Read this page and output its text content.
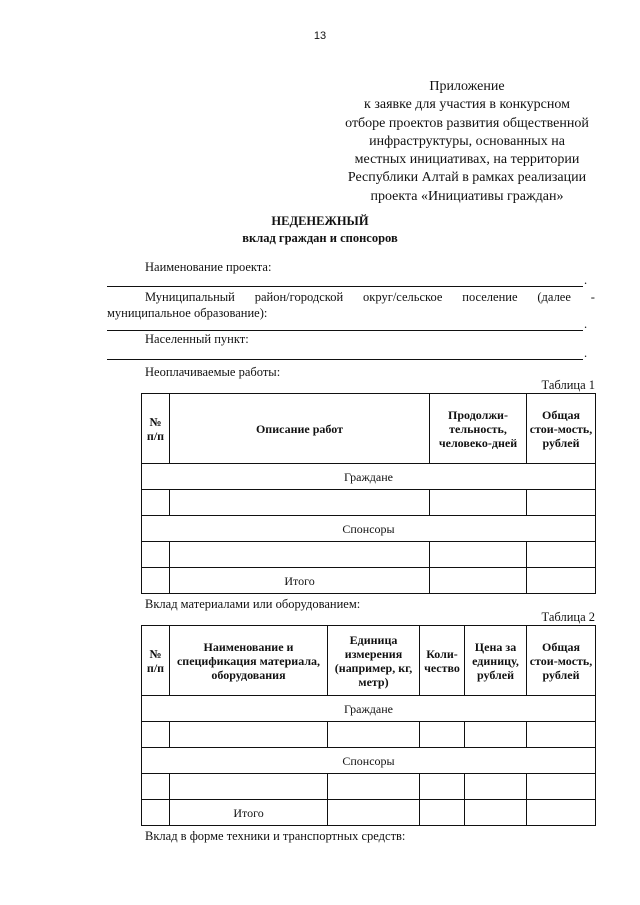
13
Приложение
к заявке для участия в конкурсном
отборе проектов развития общественной
инфраструктуры, основанных на
местных инициативах, на территории
Республики Алтай в рамках реализации
проекта «Инициативы граждан»
НЕДЕНЕЖНЫЙ
вклад граждан и спонсоров
Наименование проекта:
.
Муниципальный район/городской округ/сельское поселение (далее -
муниципальное образование):
.
Населенный пункт:
.
Неоплачиваемые работы:
Таблица 1
№ п/п	Описание работ	Продолжи-тельность, человеко-дней	Общая стои-мость, рублей
Граждане			

Спонсоры			

	Итого		
Вклад материалами или оборудованием:
Таблица 2
№ п/п	Наименование и спецификация материала, оборудования	Единица измерения (например, кг, метр)	Коли-чество	Цена за единицу, рублей	Общая стои-мость, рублей
Граждане					

Спонсоры					

	Итого				
Вклад в форме техники и транспортных средств:
